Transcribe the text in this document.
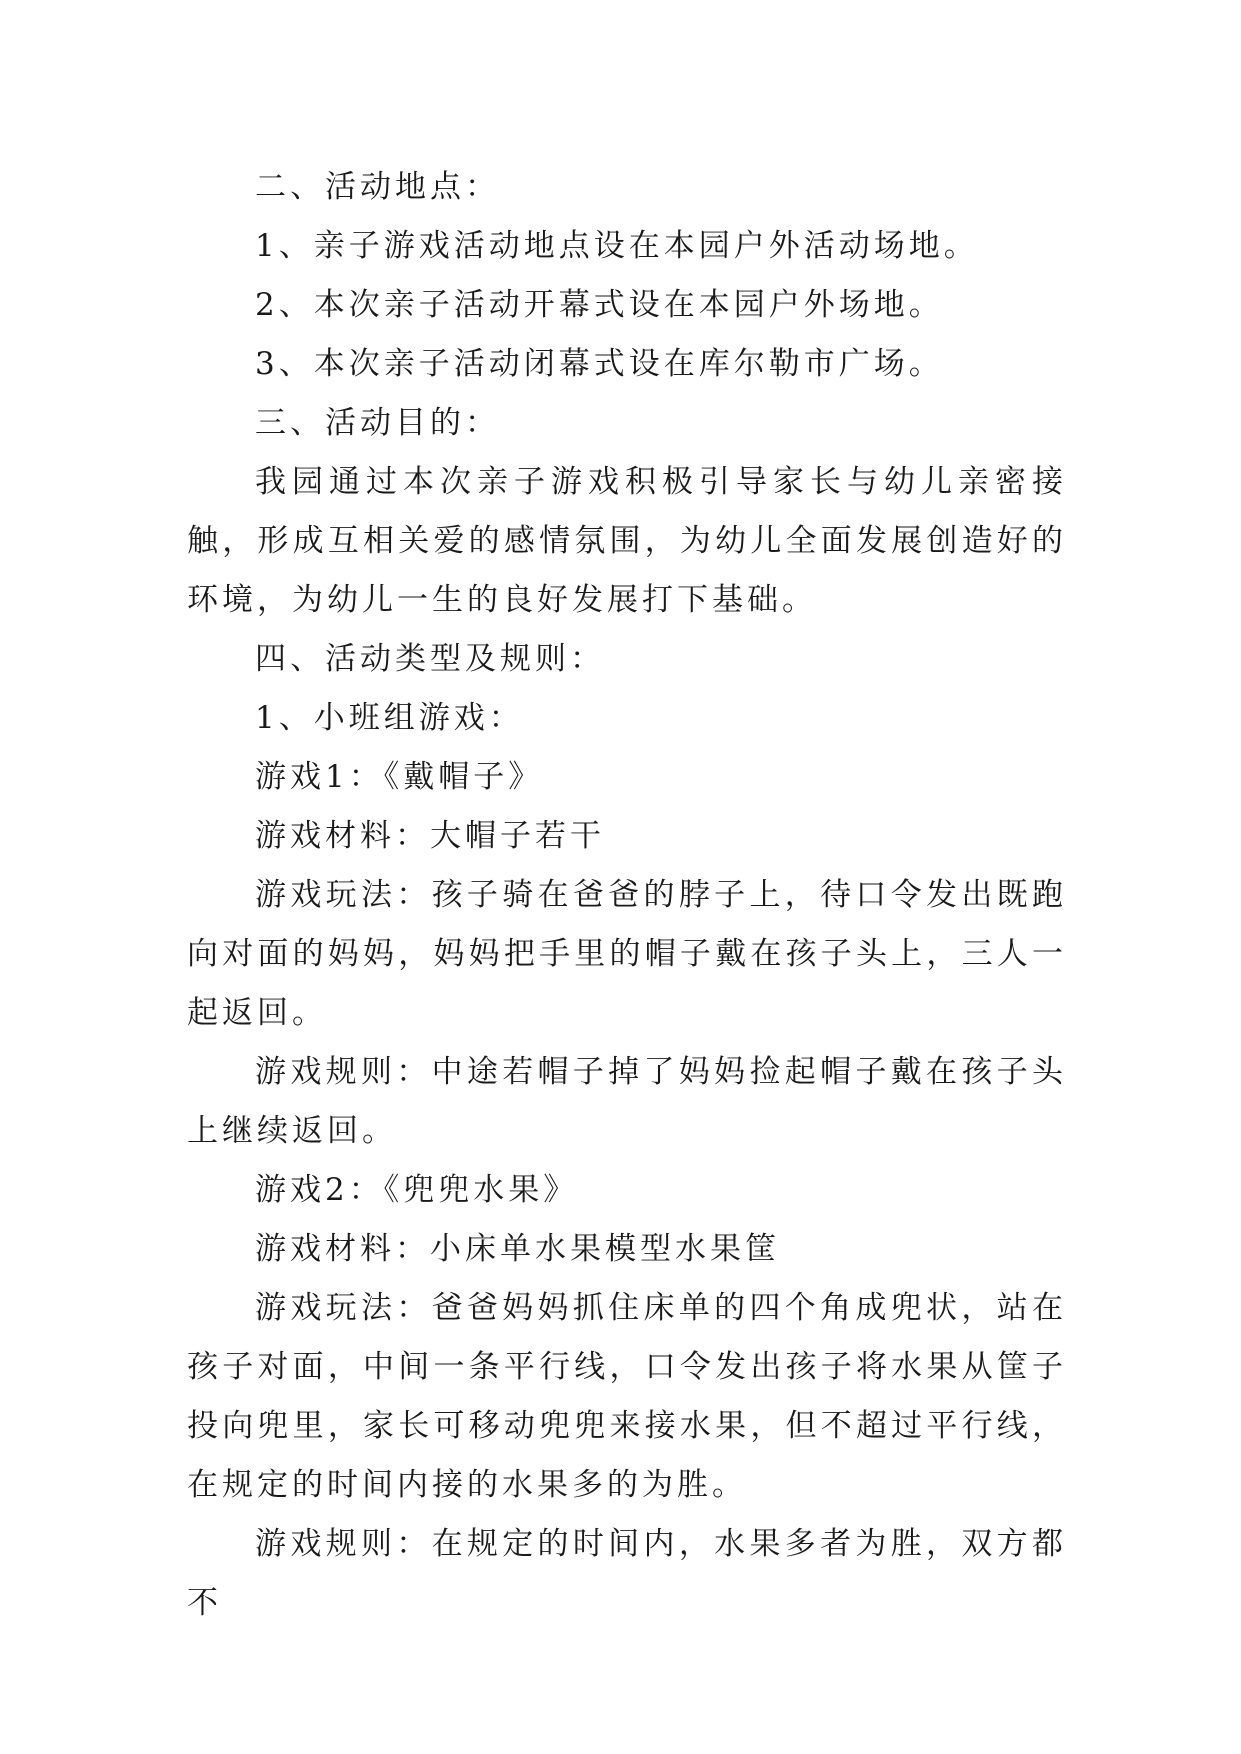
二、活动地点：

1、亲子游戏活动地点设在本园户外活动场地。

2、本次亲子活动开幕式设在本园户外场地。

3、本次亲子活动闭幕式设在库尔勒市广场。

三、活动目的：

我园通过本次亲子游戏积极引导家长与幼儿亲密接触，形成互相关爱的感情氛围，为幼儿全面发展创造好的环境，为幼儿一生的良好发展打下基础。

四、活动类型及规则：

1、小班组游戏：

游戏1：《戴帽子》

游戏材料：大帽子若干

游戏玩法：孩子骑在爸爸的脖子上，待口令发出既跑向对面的妈妈，妈妈把手里的帽子戴在孩子头上，三人一起返回。

游戏规则：中途若帽子掉了妈妈捡起帽子戴在孩子头上继续返回。

游戏2：《兜兜水果》

游戏材料：小床单水果模型水果筐

游戏玩法：爸爸妈妈抓住床单的四个角成兜状，站在孩子对面，中间一条平行线，口令发出孩子将水果从筐子投向兜里，家长可移动兜兜来接水果，但不超过平行线，在规定的时间内接的水果多的为胜。

游戏规则：在规定的时间内，水果多者为胜，双方都不
